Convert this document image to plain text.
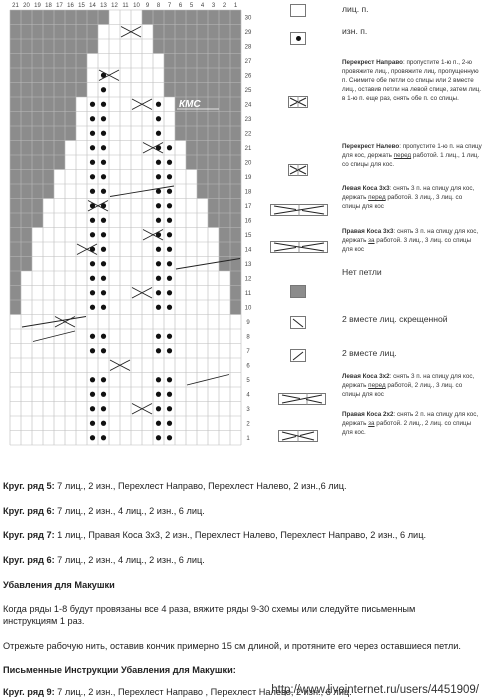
21 20 19 18 17 16 15 14 13 12 11 10 9 8 7 6 5 4 3 2 1
30
29
28
27
26
25
24
23
22
21
20
19
18
17
16
15
14
13
12
11
10
9
8
7
6
5
4
3
2
1
КМС
лиц. п.
изн. п.
Перекрест Направо: пропустите 1-ю п., 2-ю провяжите лиц., провяжите лиц. пропущенную п. Снимите обе петли со спицы или 2 вместе лиц., оставив петли на левой спице, затем лиц. в 1-ю п. еще раз, снять обе п. со спицы.
Перекрест Налево: пропустите 1-ю п. на спицу для кос, держать перед работой. 1 лиц., 1 лиц. со спицы для кос.
Левая Коса 3х3: снять 3 п. на спицу для кос, держать перед работой. 3 лиц., 3 лиц. со спицы для кос
Правая Коса 3х3: снять 3 п. на спицу для кос, держать за работой. 3 лиц., 3 лиц. со спицы для кос
Нет петли
2 вместе лиц. скрещенной
2 вместе лиц.
Левая Коса 3х2: снять 3 п. на спицу для кос, держать перед работой, 2 лиц., 3 лиц. со спицы для кос
Правая Коса 2х2: снять 2 п. на спицу для кос, держать за работой. 2 лиц., 2 лиц. со спицы для кос.
Круг. ряд 5: 7 лиц., 2 изн., Перехлест Направо, Перехлест Налево, 2 изн.,6 лиц.
Круг. ряд 6: 7 лиц., 2 изн., 4 лиц., 2 изн., 6 лиц.
Круг. ряд 7: 1 лиц., Правая Коса 3х3, 2 изн., Перехлест Налево, Перехлест Направо, 2 изн., 6 лиц.
Круг. ряд 6: 7 лиц., 2 изн., 4 лиц., 2 изн., 6 лиц.
Убавления для Макушки
Когда ряды 1-8 будут провязаны все 4 раза, вяжите ряды 9-30 схемы или следуйте письменным инструкциям 1 раз.
Отрежьте рабочую нить, оставив кончик примерно 15 см длиной, и протяните его через оставшиеся петли.
Письменные Инструкции Убавления для Макушки:
Круг. ряд 9: 7 лиц., 2 изн., Перехлест Направо , Перехлест Налево, 2 изн., 6 лиц.
http://www.liveinternet.ru/users/4451909/
